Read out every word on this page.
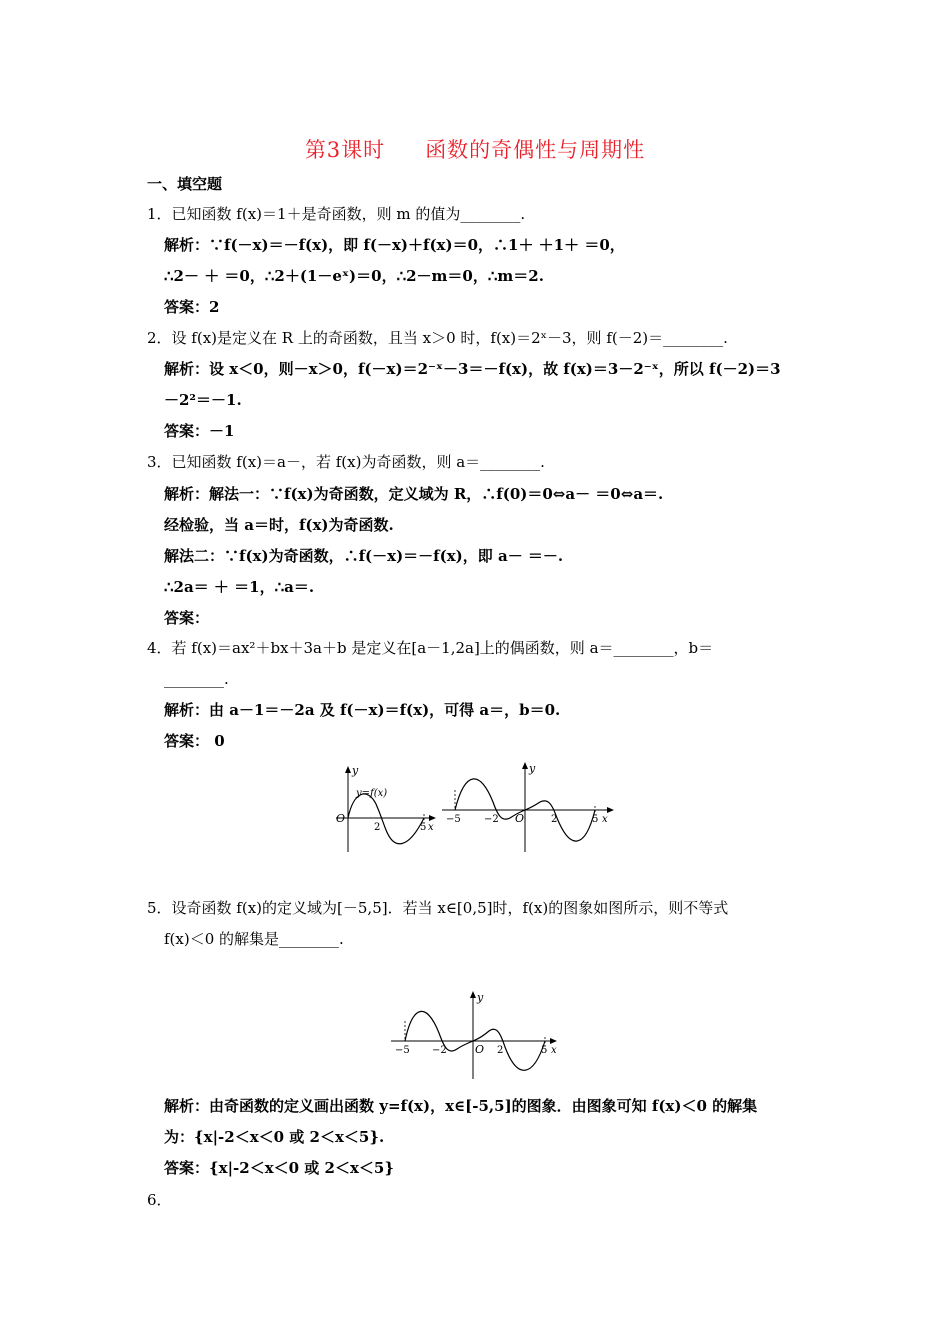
第3课时 函数的奇偶性与周期性
一、填空题
1．已知函数 f(x)＝1＋是奇函数，则 m 的值为________.
解析：∵f(－x)＝－f(x)，即 f(－x)＋f(x)＝0，∴1＋ ＋1＋ ＝0，
∴2－ ＋ ＝0，∴2＋(1－eˣ)＝0，∴2－m＝0，∴m＝2.
答案：2
2．设 f(x)是定义在 R 上的奇函数，且当 x＞0 时，f(x)＝2ˣ－3，则 f(－2)＝________.
解析：设 x＜0，则－x＞0，f(－x)＝2⁻ˣ－3＝－f(x)，故 f(x)＝3－2⁻ˣ，所以 f(－2)＝3
－2²＝－1.
答案：－1
3．已知函数 f(x)＝a－，若 f(x)为奇函数，则 a＝________.
解析：解法一：∵f(x)为奇函数，定义域为 R，∴f(0)＝0⇔a－ ＝0⇔a＝.
经检验，当 a＝时，f(x)为奇函数.
解法二：∵f(x)为奇函数，∴f(－x)＝－f(x)，即 a－ ＝－.
∴2a＝ ＋ ＝1，∴a＝.
答案：
4．若 f(x)＝ax²＋bx＋3a＋b 是定义在[a－1,2a]上的偶函数，则 a＝________，b＝
________.
解析：由 a－1＝－2a 及 f(－x)＝f(x)，可得 a＝，b＝0.
答案： 0
y
y=f(x)
O
2	5 x
y
−5 −2 O	2	5 x
5．设奇函数 f(x)的定义域为[－5,5]．若当 x∈[0,5]时，f(x)的图象如图所示，则不等式
f(x)＜0 的解集是________.
y
−5 −2	O 2	5 x
解析：由奇函数的定义画出函数 y=f(x)，x∈[-5,5]的图象．由图象可知 f(x)＜0 的解集
为：{x|-2＜x＜0 或 2＜x＜5}.
答案：{x|-2＜x＜0 或 2＜x＜5}
6．
